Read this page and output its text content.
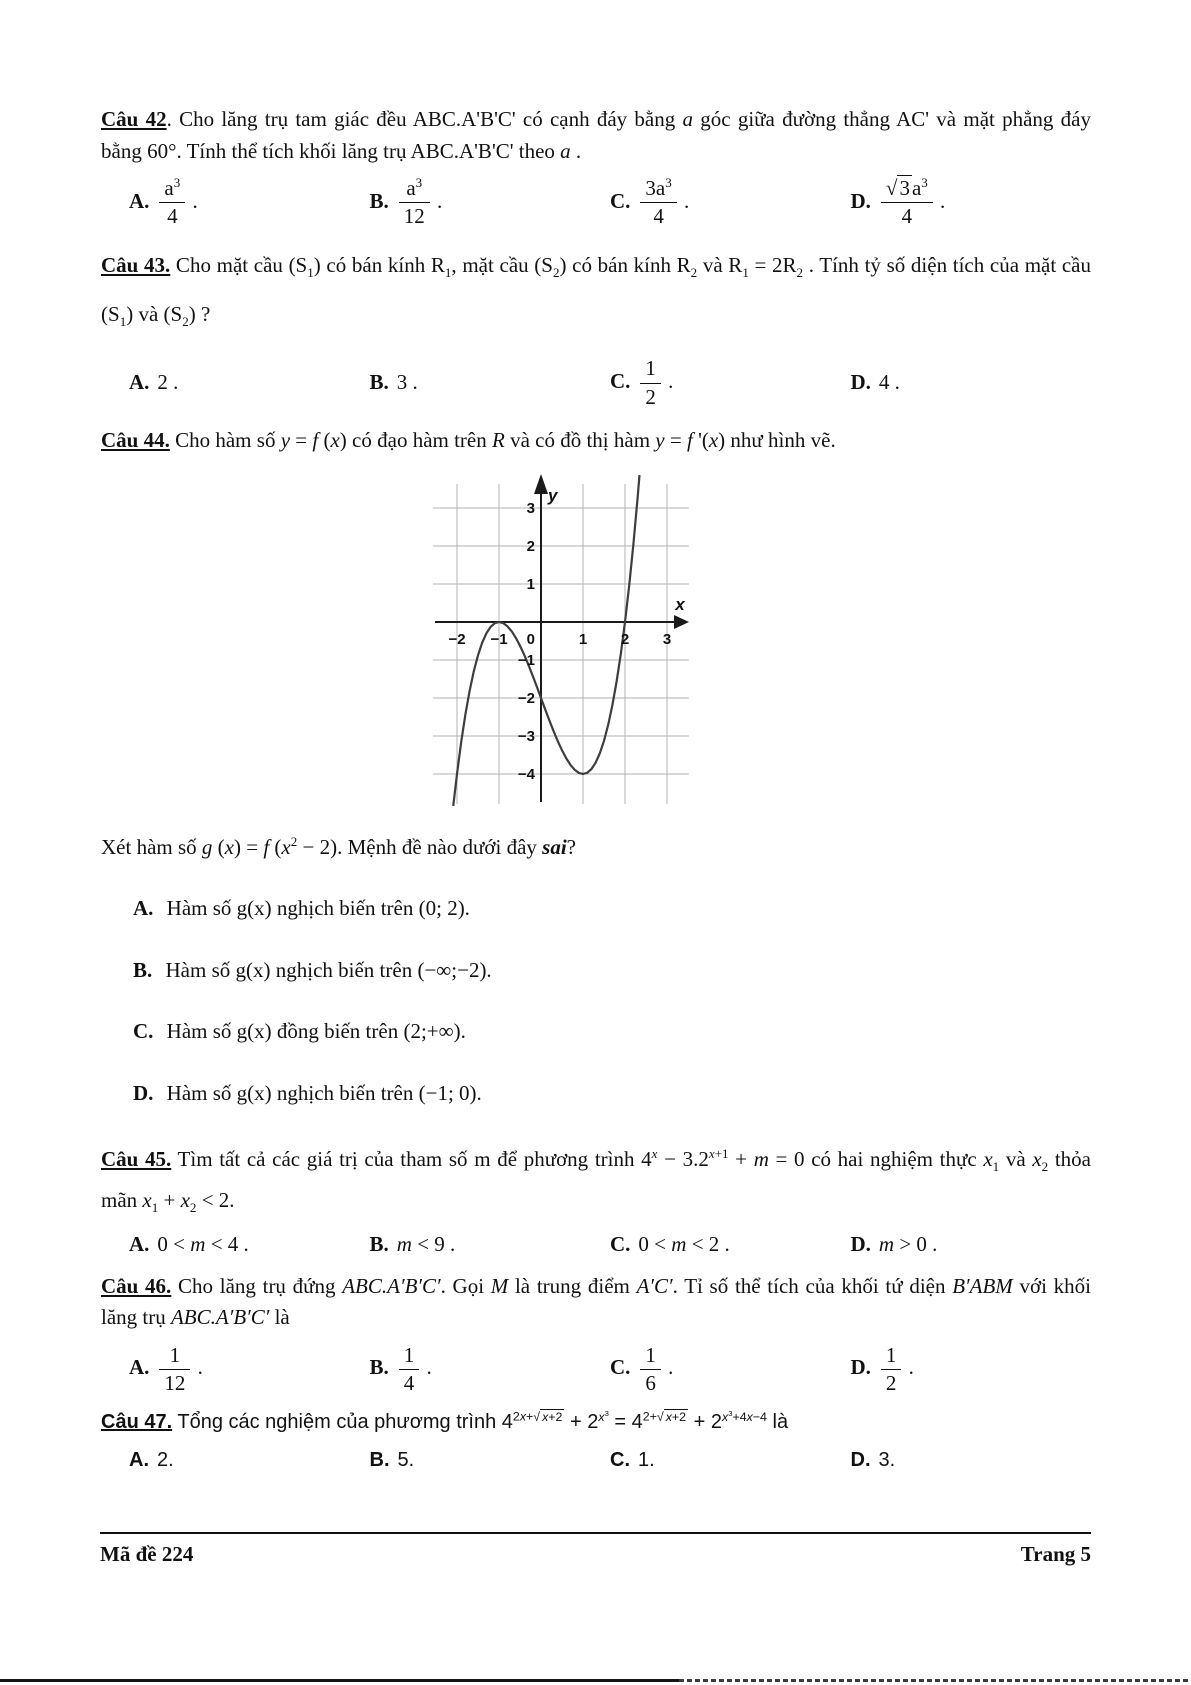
Câu 42. Cho lăng trụ tam giác đều ABC.A'B'C' có cạnh đáy bằng a góc giữa đường thẳng AC' và mặt phẳng đáy bằng 60°. Tính thể tích khối lăng trụ ABC.A'B'C' theo a .

A. $\frac{a^3}{4}$ .	B. $\frac{a^3}{12}$ .	C. $\frac{3a^3}{4}$ .	D. $\frac{√3a^3}{4}$ .

Câu 43. Cho mặt cầu $(S_1)$ có bán kính $R_1$, mặt cầu $(S_2)$ có bán kính $R_2$ và $R_1 = 2R_2$ . Tính tỷ số diện tích của mặt cầu $(S_1)$ và $(S_2)$ ?

A. 2 .	B. 3 .	C. $\frac{1}{2}$ .	D. 4 .

Câu 44. Cho hàm số y = f (x) có đạo hàm trên R và có đồ thị hàm y = f '(x) như hình vẽ.

y
x
3
2
1
−1
−2
−3
−4
0
−2 −1	1 2 3

Xét hàm số g (x) = f $(x^2 - 2)$. Mệnh đề nào dưới đây sai?

A. Hàm số g(x) nghịch biến trên (0; 2).

B. Hàm số g(x) nghịch biến trên (−∞;−2).

C. Hàm số g(x) đồng biến trên (2;+∞).

D. Hàm số g(x) nghịch biến trên (−1; 0).

Câu 45. Tìm tất cả các giá trị của tham số m để phương trình $4^x - 3.2^{x+1} + m = 0$ có hai nghiệm thực $x_1$ và $x_2$ thỏa mãn $x_1 + x_2 < 2$.

A. 0 < m < 4 .	B. m < 9 .	C. 0 < m < 2 .	D. m > 0 .

Câu 46. Cho lăng trụ đứng ABC.A′B′C′. Gọi M là trung điểm A′C′. Tỉ số thể tích của khối tứ diện B′ABM với khối lăng trụ ABC.A′B′C′ là

A. $\frac{1}{12}$ .	B. $\frac{1}{4}$ .	C. $\frac{1}{6}$ .	D. $\frac{1}{2}$ .

Câu 47. Tổng các nghiệm của phươmg trình $4^{2x+√ x+2} + 2^{x^3} = 4^{2+√ x+2} + 2^{x^3+4x-4}$ là

A. 2.	B. 5.	C. 1.	D. 3.
Mã đề 224	Trang 5
